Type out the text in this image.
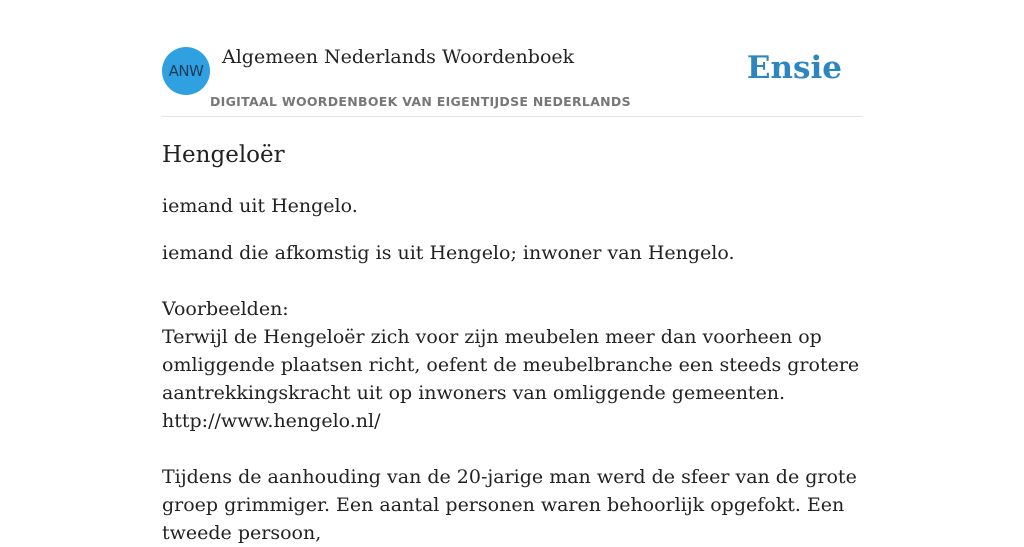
ANW
Algemeen Nederlands Woordenboek
DIGITAAL WOORDENBOEK VAN EIGENTIJDSE NEDERLANDS
Ensie
Hengeloër
iemand uit Hengelo.
iemand die afkomstig is uit Hengelo; inwoner van Hengelo.
Voorbeelden:
Terwijl de Hengeloër zich voor zijn meubelen meer dan voorheen op omliggende plaatsen richt, oefent de meubelbranche een steeds grotere aantrekkingskracht uit op inwoners van omliggende gemeenten.
http://www.hengelo.nl/
Tijdens de aanhouding van de 20-jarige man werd de sfeer van de grote groep grimmiger. Een aantal personen waren behoorlijk opgefokt. Een tweede persoon,
